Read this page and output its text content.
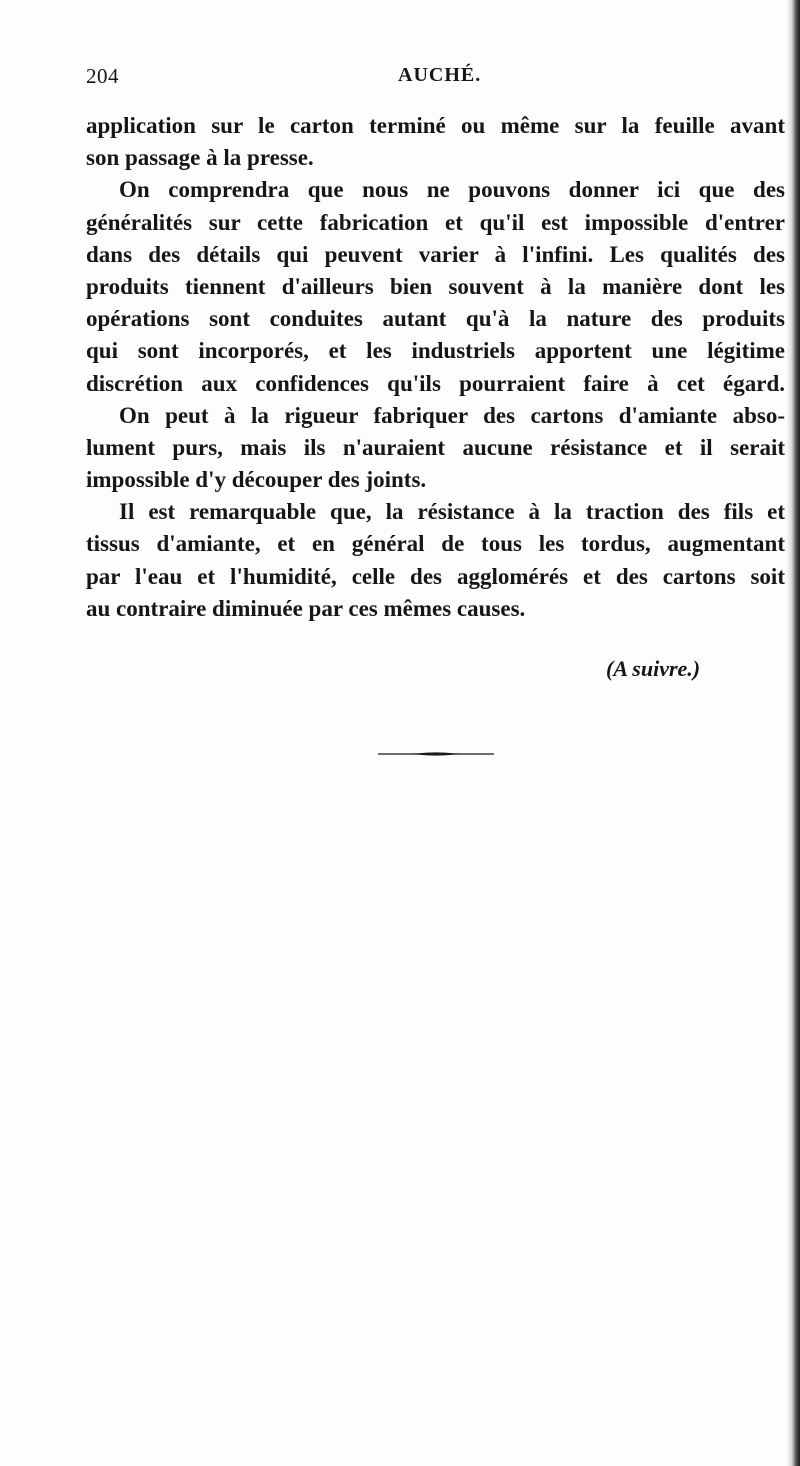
204	AUCHÉ.
application sur le carton terminé ou même sur la feuille avant
son passage à la presse.
On comprendra que nous ne pouvons donner ici que des
généralités sur cette fabrication et qu'il est impossible d'entrer
dans des détails qui peuvent varier à l'infini. Les qualités des
produits tiennent d'ailleurs bien souvent à la manière dont les
opérations sont conduites autant qu'à la nature des produits
qui sont incorporés, et les industriels apportent une légitime
discrétion aux confidences qu'ils pourraient faire à cet égard.
On peut à la rigueur fabriquer des cartons d'amiante abso-
lument purs, mais ils n'auraient aucune résistance et il serait
impossible d'y découper des joints.
Il est remarquable que, la résistance à la traction des fils et
tissus d'amiante, et en général de tous les tordus, augmentant
par l'eau et l'humidité, celle des agglomérés et des cartons soit
au contraire diminuée par ces mêmes causes.
(A suivre.)
